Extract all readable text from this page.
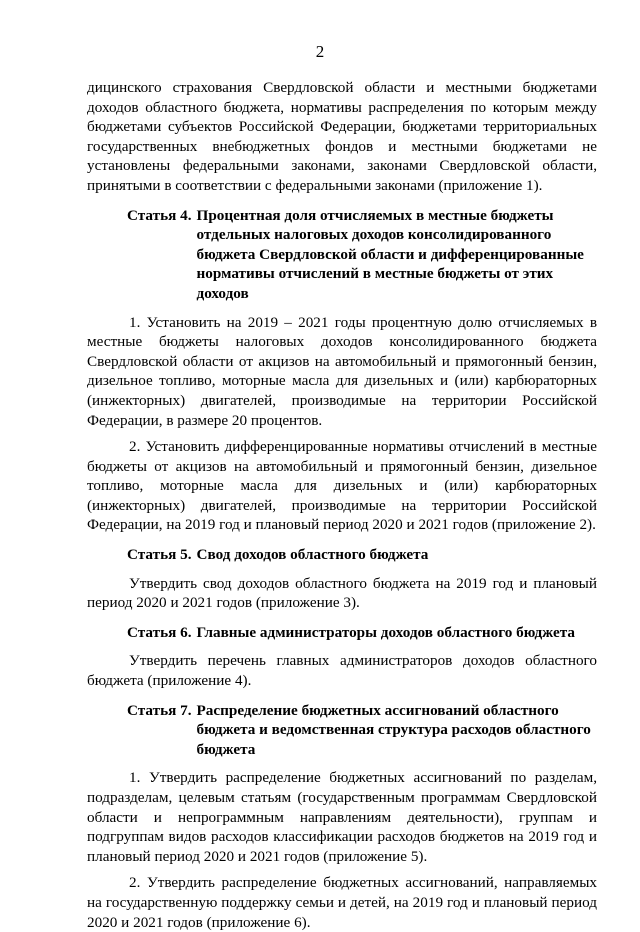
2

дицинского страхования Свердловской области и местными бюджетами доходов областного бюджета, нормативы распределения по которым между бюджетами субъектов Российской Федерации, бюджетами территориальных государственных внебюджетных фондов и местными бюджетами не установлены федеральными законами, законами Свердловской области, принятыми в соответствии с федеральными законами (приложение 1).

Статья 4. Процентная доля отчисляемых в местные бюджеты отдельных налоговых доходов консолидированного бюджета Свердловской области и дифференцированные нормативы отчислений в местные бюджеты от этих доходов

1. Установить на 2019 – 2021 годы процентную долю отчисляемых в местные бюджеты налоговых доходов консолидированного бюджета Свердловской области от акцизов на автомобильный и прямогонный бензин, дизельное топливо, моторные масла для дизельных и (или) карбюраторных (инжекторных) двигателей, производимые на территории Российской Федерации, в размере 20 процентов.

2. Установить дифференцированные нормативы отчислений в местные бюджеты от акцизов на автомобильный и прямогонный бензин, дизельное топливо, моторные масла для дизельных и (или) карбюраторных (инжекторных) двигателей, производимые на территории Российской Федерации, на 2019 год и плановый период 2020 и 2021 годов (приложение 2).

Статья 5. Свод доходов областного бюджета

Утвердить свод доходов областного бюджета на 2019 год и плановый период 2020 и 2021 годов (приложение 3).

Статья 6. Главные администраторы доходов областного бюджета

Утвердить перечень главных администраторов доходов областного бюджета (приложение 4).

Статья 7. Распределение бюджетных ассигнований областного бюджета и ведомственная структура расходов областного бюджета

1. Утвердить распределение бюджетных ассигнований по разделам, подразделам, целевым статьям (государственным программам Свердловской области и непрограммным направлениям деятельности), группам и подгруппам видов расходов классификации расходов бюджетов на 2019 год и плановый период 2020 и 2021 годов (приложение 5).

2. Утвердить распределение бюджетных ассигнований, направляемых на государственную поддержку семьи и детей, на 2019 год и плановый период 2020 и 2021 годов (приложение 6).
